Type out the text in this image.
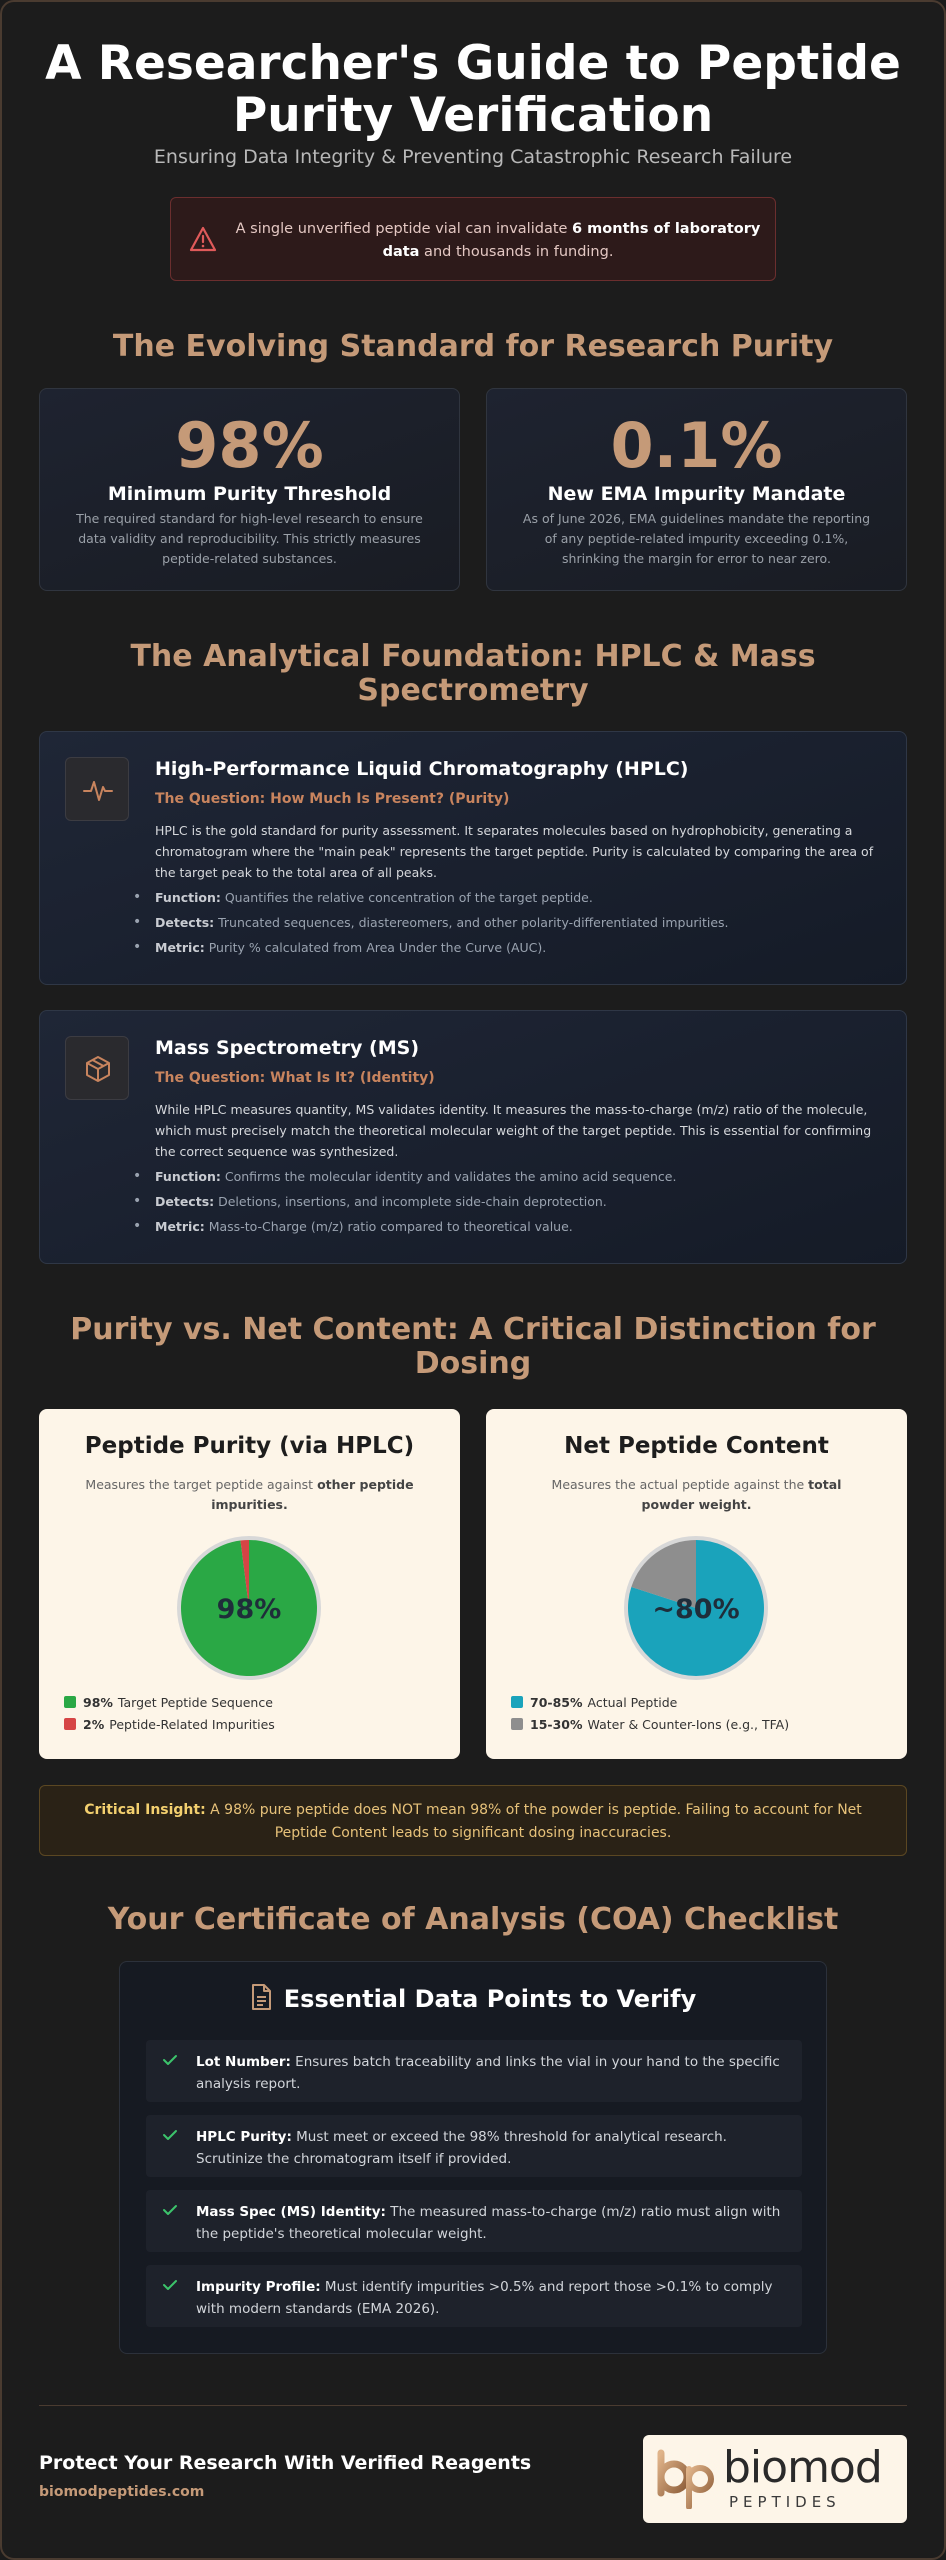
A Researcher's Guide to Peptide
Purity Verification
Ensuring Data Integrity & Preventing Catastrophic Research Failure
A single unverified peptide vial can invalidate 6 months of laboratory data and thousands in funding.
The Evolving Standard for Research Purity
98%
Minimum Purity Threshold
The required standard for high-level research to ensure data validity and reproducibility. This strictly measures peptide-related substances.
0.1%
New EMA Impurity Mandate
As of June 2026, EMA guidelines mandate the reporting of any peptide-related impurity exceeding 0.1%, shrinking the margin for error to near zero.
The Analytical Foundation: HPLC & Mass
Spectrometry
High-Performance Liquid Chromatography (HPLC)
The Question: How Much Is Present? (Purity)
HPLC is the gold standard for purity assessment. It separates molecules based on hydrophobicity, generating a chromatogram where the "main peak" represents the target peptide. Purity is calculated by comparing the area of the target peak to the total area of all peaks.
• Function: Quantifies the relative concentration of the target peptide.
• Detects: Truncated sequences, diastereomers, and other polarity-differentiated impurities.
• Metric: Purity % calculated from Area Under the Curve (AUC).
Mass Spectrometry (MS)
The Question: What Is It? (Identity)
While HPLC measures quantity, MS validates identity. It measures the mass-to-charge (m/z) ratio of the molecule, which must precisely match the theoretical molecular weight of the target peptide. This is essential for confirming the correct sequence was synthesized.
• Function: Confirms the molecular identity and validates the amino acid sequence.
• Detects: Deletions, insertions, and incomplete side-chain deprotection.
• Metric: Mass-to-Charge (m/z) ratio compared to theoretical value.
Purity vs. Net Content: A Critical Distinction for
Dosing
Peptide Purity (via HPLC)
Measures the target peptide against other peptide impurities.
98%
98% Target Peptide Sequence
2% Peptide-Related Impurities
Net Peptide Content
Measures the actual peptide against the total powder weight.
~80%
70-85% Actual Peptide
15-30% Water & Counter-Ions (e.g., TFA)
Critical Insight: A 98% pure peptide does NOT mean 98% of the powder is peptide. Failing to account for Net Peptide Content leads to significant dosing inaccuracies.
Your Certificate of Analysis (COA) Checklist
Essential Data Points to Verify
Lot Number: Ensures batch traceability and links the vial in your hand to the specific analysis report.
HPLC Purity: Must meet or exceed the 98% threshold for analytical research. Scrutinize the chromatogram itself if provided.
Mass Spec (MS) Identity: The measured mass-to-charge (m/z) ratio must align with the peptide's theoretical molecular weight.
Impurity Profile: Must identify impurities >0.5% and report those >0.1% to comply with modern standards (EMA 2026).
Protect Your Research With Verified Reagents
biomodpeptides.com	biomod
PEPTIDES
